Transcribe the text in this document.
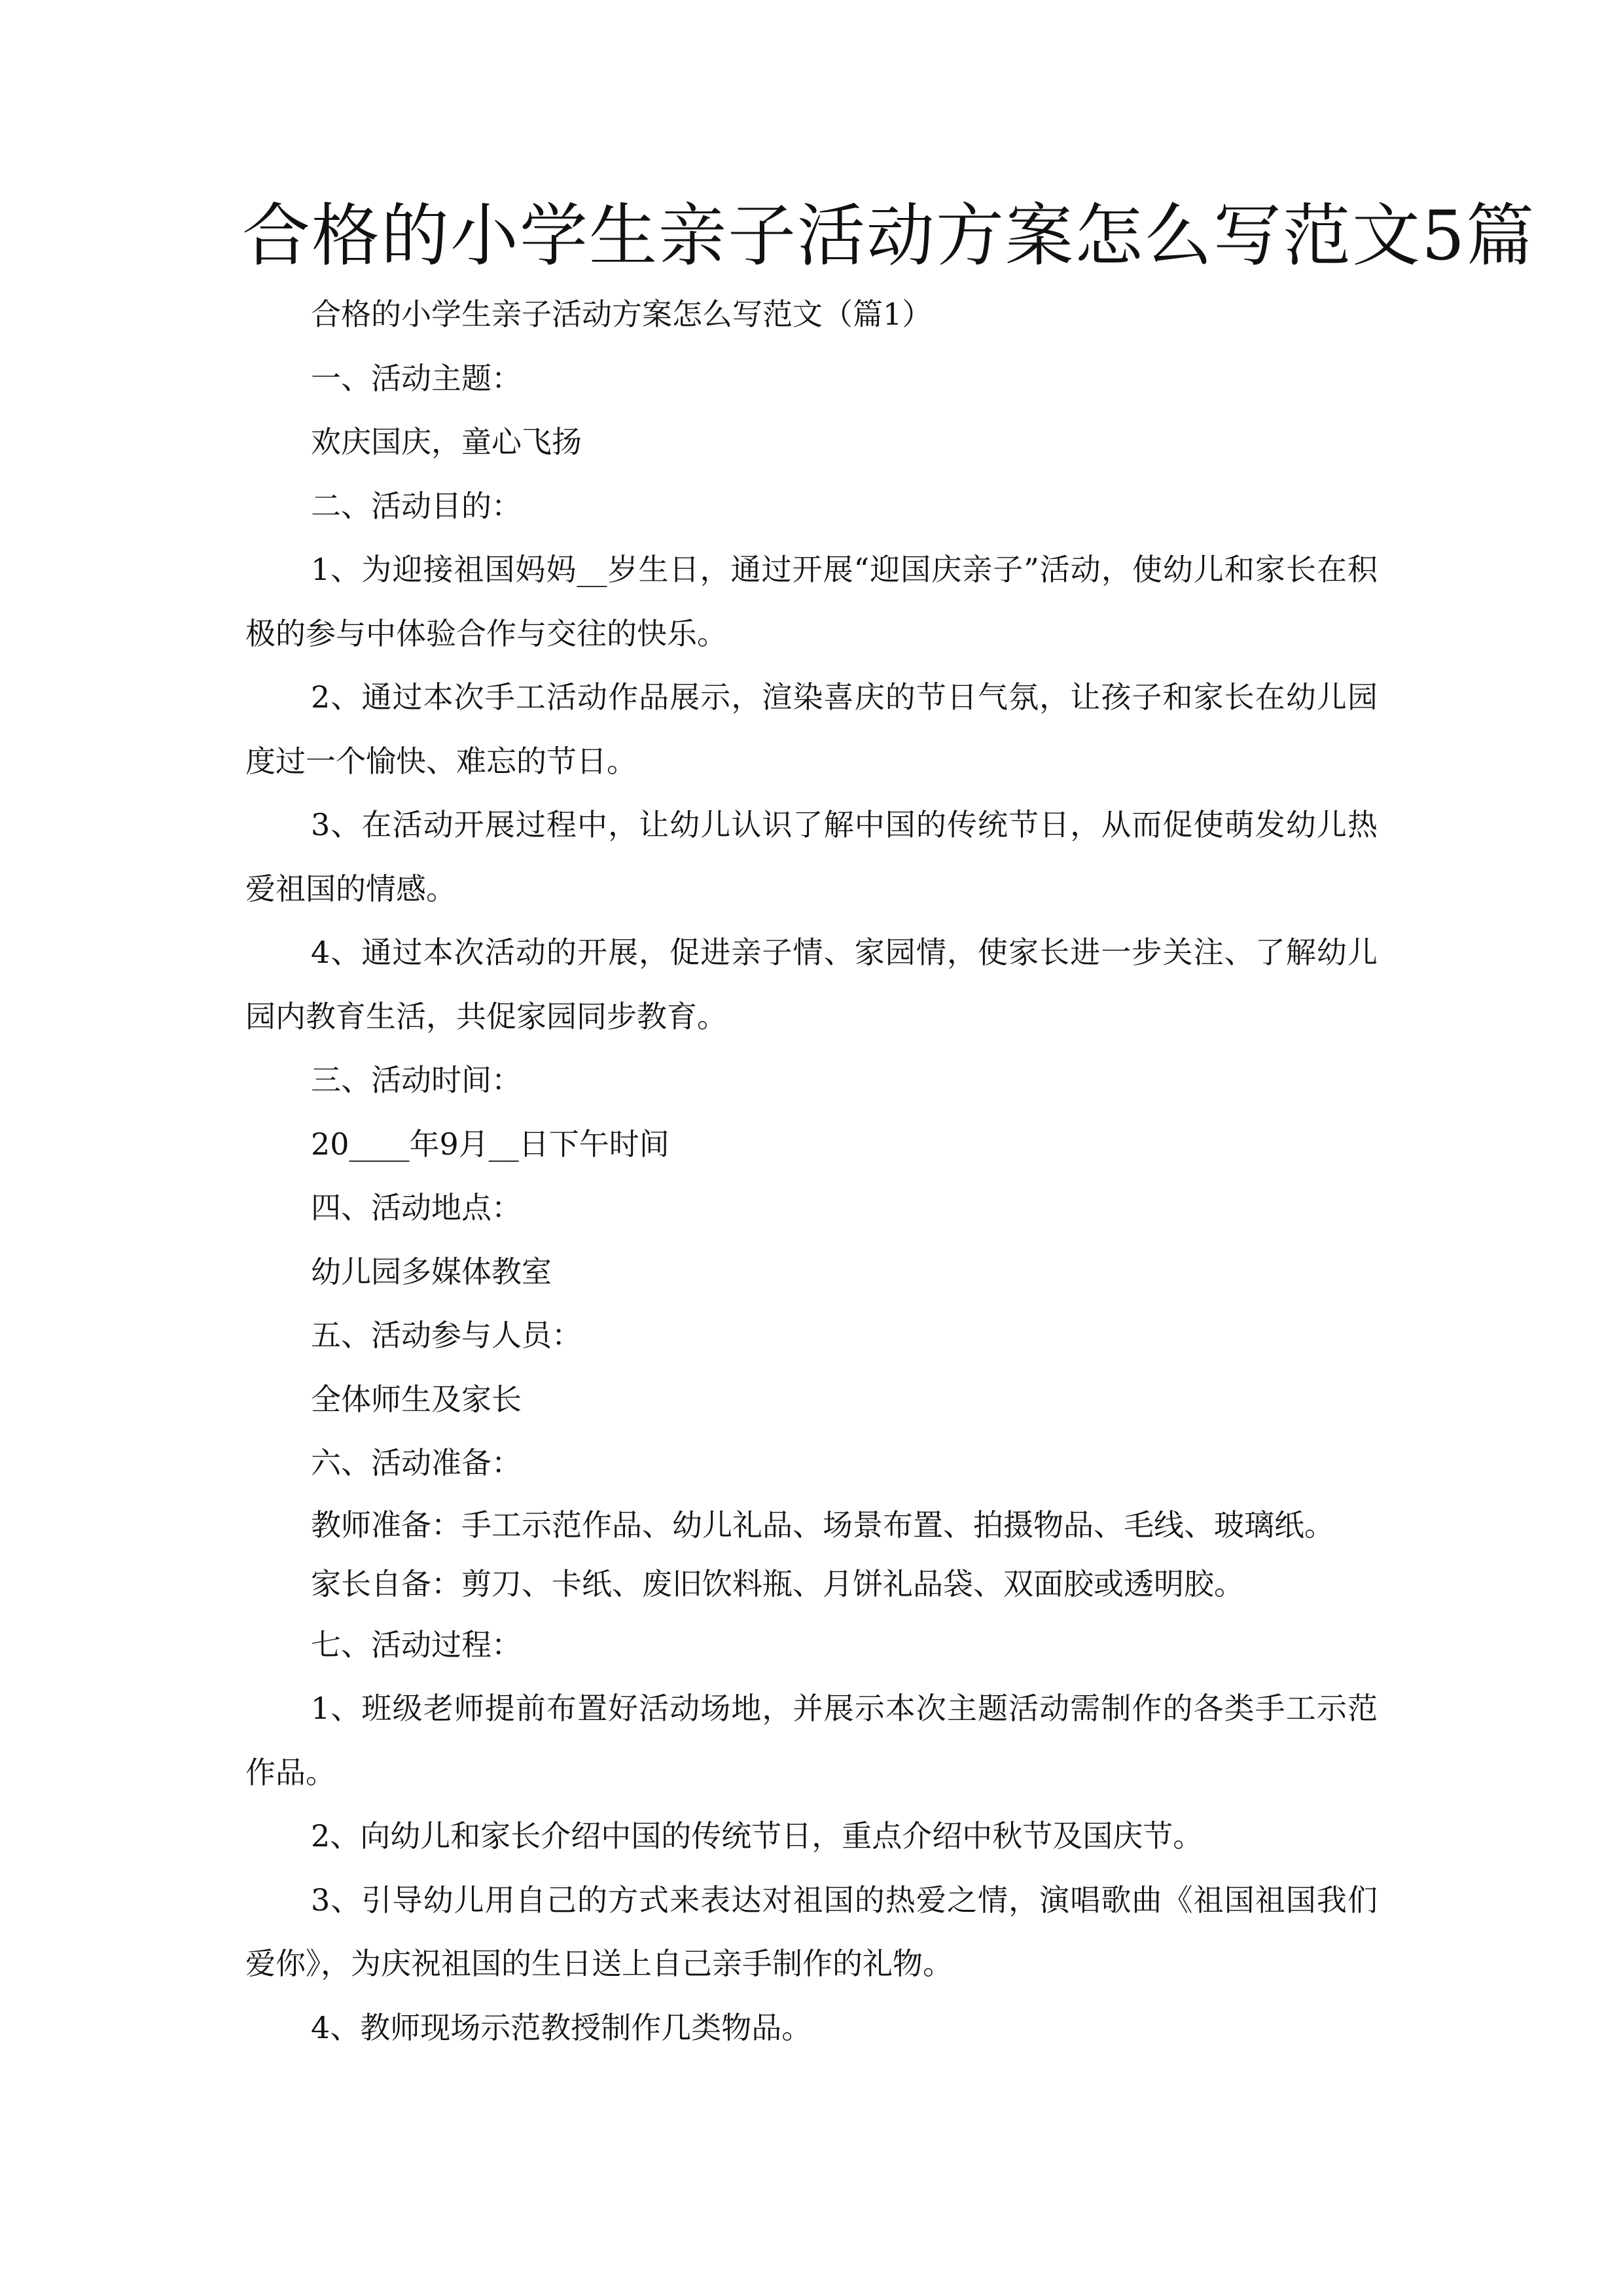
合格的小学生亲子活动方案怎么写范文5篇

合格的小学生亲子活动方案怎么写范文（篇1）

一、活动主题：

欢庆国庆，童心飞扬

二、活动目的：

1、为迎接祖国妈妈__岁生日，通过开展“迎国庆亲子”活动，使幼儿和家长在积极的参与中体验合作与交往的快乐。

2、通过本次手工活动作品展示，渲染喜庆的节日气氛，让孩子和家长在幼儿园度过一个愉快、难忘的节日。

3、在活动开展过程中，让幼儿认识了解中国的传统节日，从而促使萌发幼儿热爱祖国的情感。

4、通过本次活动的开展，促进亲子情、家园情，使家长进一步关注、了解幼儿园内教育生活，共促家园同步教育。

三、活动时间：

20____年9月__日下午时间

四、活动地点：

幼儿园多媒体教室

五、活动参与人员：

全体师生及家长

六、活动准备：

教师准备：手工示范作品、幼儿礼品、场景布置、拍摄物品、毛线、玻璃纸。

家长自备：剪刀、卡纸、废旧饮料瓶、月饼礼品袋、双面胶或透明胶。

七、活动过程：

1、班级老师提前布置好活动场地，并展示本次主题活动需制作的各类手工示范作品。

2、向幼儿和家长介绍中国的传统节日，重点介绍中秋节及国庆节。

3、引导幼儿用自己的方式来表达对祖国的热爱之情，演唱歌曲《祖国祖国我们爱你》，为庆祝祖国的生日送上自己亲手制作的礼物。

4、教师现场示范教授制作几类物品。
